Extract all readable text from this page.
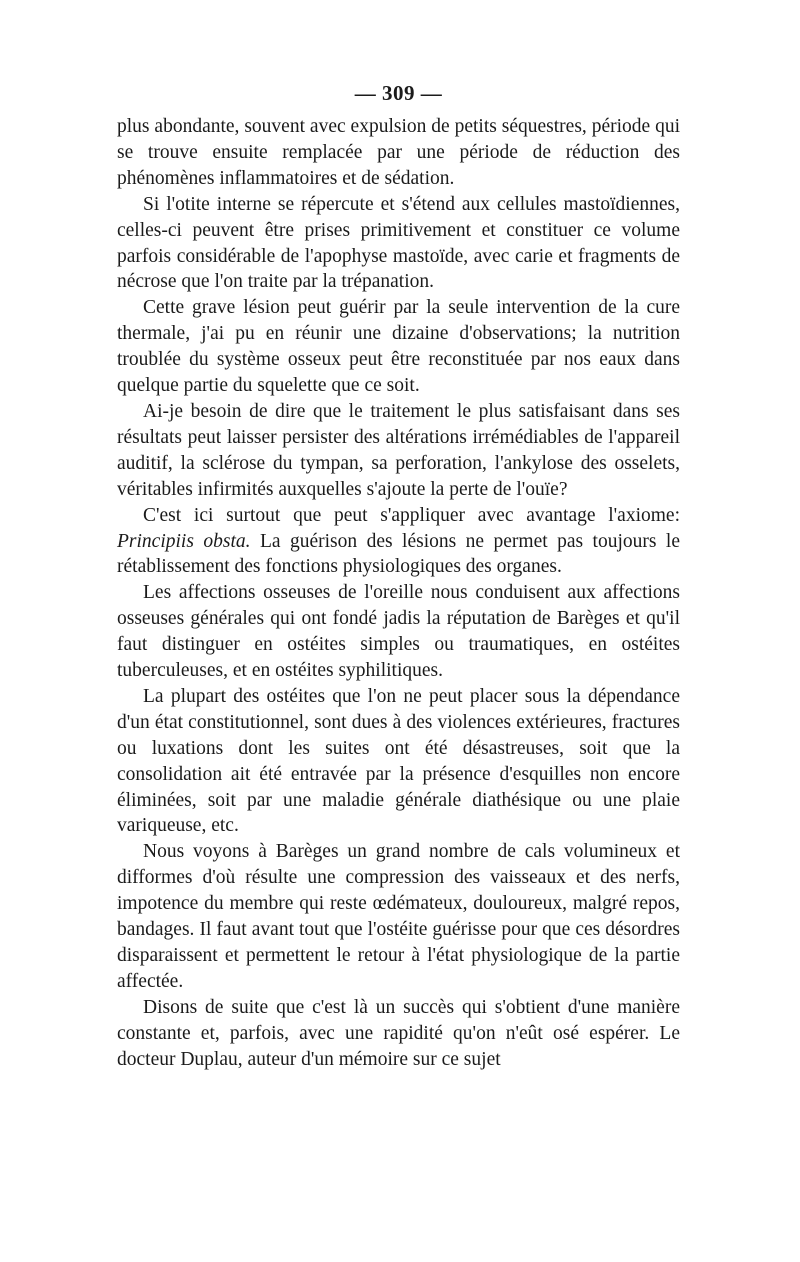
— 309 —

plus abondante, souvent avec expulsion de petits séquestres, période qui se trouve ensuite remplacée par une période de réduction des phénomènes inflammatoires et de sédation.

Si l'otite interne se répercute et s'étend aux cellules mastoïdiennes, celles-ci peuvent être prises primitivement et constituer ce volume parfois considérable de l'apophyse mastoïde, avec carie et fragments de nécrose que l'on traite par la trépanation.

Cette grave lésion peut guérir par la seule intervention de la cure thermale, j'ai pu en réunir une dizaine d'observations; la nutrition troublée du système osseux peut être reconstituée par nos eaux dans quelque partie du squelette que ce soit.

Ai-je besoin de dire que le traitement le plus satisfaisant dans ses résultats peut laisser persister des altérations irrémédiables de l'appareil auditif, la sclérose du tympan, sa perforation, l'ankylose des osselets, véritables infirmités auxquelles s'ajoute la perte de l'ouïe?

C'est ici surtout que peut s'appliquer avec avantage l'axiome: Principiis obsta. La guérison des lésions ne permet pas toujours le rétablissement des fonctions physiologiques des organes.

Les affections osseuses de l'oreille nous conduisent aux affections osseuses générales qui ont fondé jadis la réputation de Barèges et qu'il faut distinguer en ostéites simples ou traumatiques, en ostéites tuberculeuses, et en ostéites syphilitiques.

La plupart des ostéites que l'on ne peut placer sous la dépendance d'un état constitutionnel, sont dues à des violences extérieures, fractures ou luxations dont les suites ont été désastreuses, soit que la consolidation ait été entravée par la présence d'esquilles non encore éliminées, soit par une maladie générale diathésique ou une plaie variqueuse, etc.

Nous voyons à Barèges un grand nombre de cals volumineux et difformes d'où résulte une compression des vaisseaux et des nerfs, impotence du membre qui reste œdémateux, douloureux, malgré repos, bandages. Il faut avant tout que l'ostéite guérisse pour que ces désordres disparaissent et permettent le retour à l'état physiologique de la partie affectée.

Disons de suite que c'est là un succès qui s'obtient d'une manière constante et, parfois, avec une rapidité qu'on n'eût osé espérer. Le docteur Duplau, auteur d'un mémoire sur ce sujet
